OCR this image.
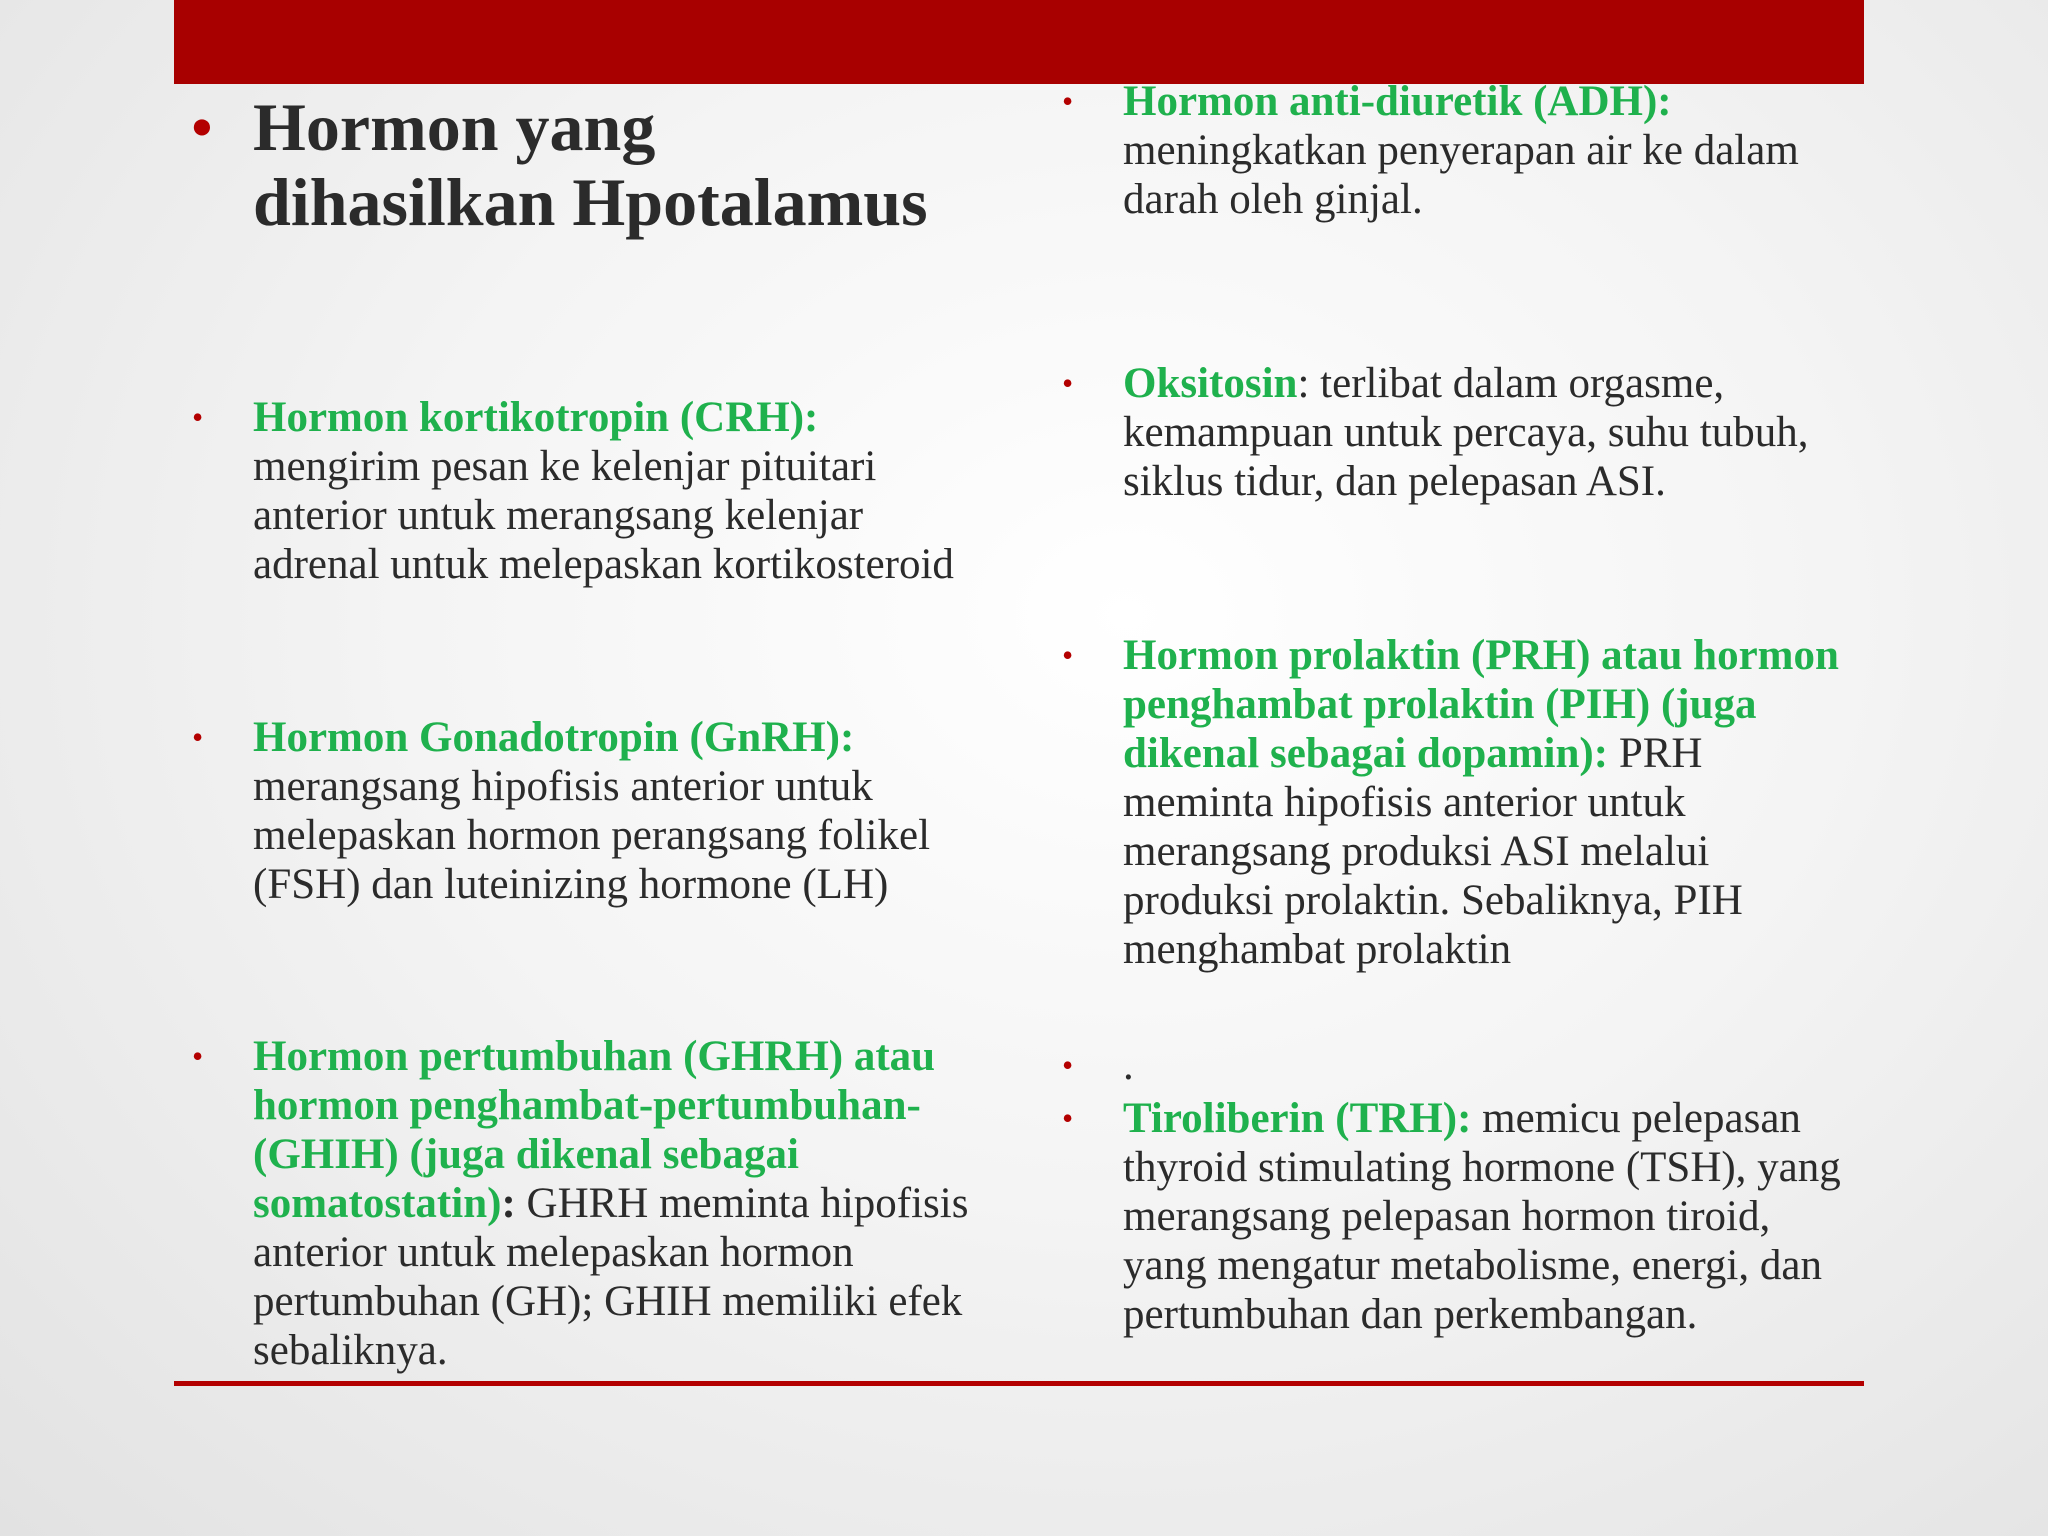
• Hormon yang dihasilkan Hpotalamus
• Hormon kortikotropin (CRH): mengirim pesan ke kelenjar pituitari anterior untuk merangsang kelenjar adrenal untuk melepaskan kortikosteroid
• Hormon Gonadotropin (GnRH): merangsang hipofisis anterior untuk melepaskan hormon perangsang folikel (FSH) dan luteinizing hormone (LH)
• Hormon pertumbuhan (GHRH) atau hormon penghambat-pertumbuhan- (GHIH) (juga dikenal sebagai somatostatin): GHRH meminta hipofisis anterior untuk melepaskan hormon pertumbuhan (GH); GHIH memiliki efek sebaliknya.
• Hormon anti-diuretik (ADH): meningkatkan penyerapan air ke dalam darah oleh ginjal.
• Oksitosin: terlibat dalam orgasme, kemampuan untuk percaya, suhu tubuh, siklus tidur, dan pelepasan ASI.
• Hormon prolaktin (PRH) atau hormon penghambat prolaktin (PIH) (juga dikenal sebagai dopamin): PRH meminta hipofisis anterior untuk merangsang produksi ASI melalui produksi prolaktin. Sebaliknya, PIH menghambat prolaktin
• .
• Tiroliberin (TRH): memicu pelepasan thyroid stimulating hormone (TSH), yang merangsang pelepasan hormon tiroid, yang mengatur metabolisme, energi, dan pertumbuhan dan perkembangan.
